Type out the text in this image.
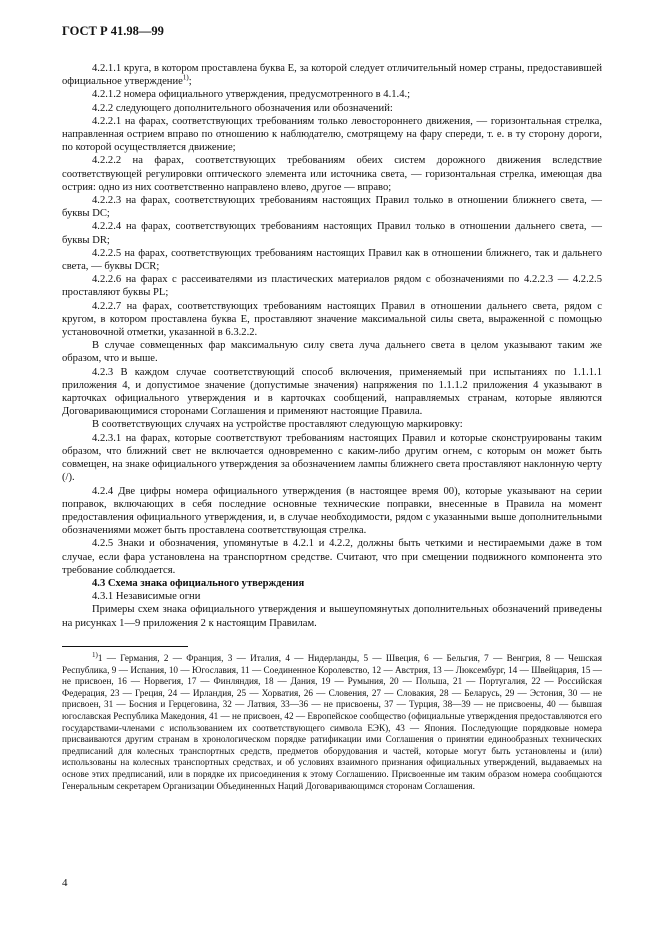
ГОСТ Р 41.98—99

4.2.1.1 круга, в котором проставлена буква Е, за которой следует отличительный номер страны, предоставившей официальное утверждение$^{1)}$;

4.2.1.2 номера официального утверждения, предусмотренного в 4.1.4.;

4.2.2 следующего дополнительного обозначения или обозначений:

4.2.2.1 на фарах, соответствующих требованиям только левостороннего движения, — горизонтальная стрелка, направленная острием вправо по отношению к наблюдателю, смотрящему на фару спереди, т. е. в ту сторону дороги, по которой осуществляется движение;

4.2.2.2 на фарах, соответствующих требованиям обеих систем дорожного движения вследствие соответствующей регулировки оптического элемента или источника света, — горизонтальная стрелка, имеющая два острия: одно из них соответственно направлено влево, другое — вправо;

4.2.2.3 на фарах, соответствующих требованиям настоящих Правил только в отношении ближнего света, — буквы DC;

4.2.2.4 на фарах, соответствующих требованиям настоящих Правил только в отношении дальнего света, — буквы DR;

4.2.2.5 на фарах, соответствующих требованиям настоящих Правил как в отношении ближнего, так и дальнего света, — буквы DCR;

4.2.2.6 на фарах с рассеивателями из пластических материалов рядом с обозначениями по 4.2.2.3 — 4.2.2.5 проставляют буквы PL;

4.2.2.7 на фарах, соответствующих требованиям настоящих Правил в отношении дальнего света, рядом с кругом, в котором проставлена буква Е, проставляют значение максимальной силы света, выраженной с помощью установочной отметки, указанной в 6.3.2.2.

В случае совмещенных фар максимальную силу света луча дальнего света в целом указывают таким же образом, что и выше.

4.2.3 В каждом случае соответствующий способ включения, применяемый при испытаниях по 1.1.1.1 приложения 4, и допустимое значение (допустимые значения) напряжения по 1.1.1.2 приложения 4 указывают в карточках официального утверждения и в карточках сообщений, направляемых странам, которые являются Договаривающимися сторонами Соглашения и применяют настоящие Правила.

В соответствующих случаях на устройстве проставляют следующую маркировку:

4.2.3.1 на фарах, которые соответствуют требованиям настоящих Правил и которые сконструированы таким образом, что ближний свет не включается одновременно с каким-либо другим огнем, с которым он может быть совмещен, на знаке официального утверждения за обозначением лампы ближнего света проставляют наклонную черту (/).

4.2.4 Две цифры номера официального утверждения (в настоящее время 00), которые указывают на серии поправок, включающих в себя последние основные технические поправки, внесенные в Правила на момент предоставления официального утверждения, и, в случае необходимости, рядом с указанными выше дополнительными обозначениями может быть проставлена соответствующая стрелка.

4.2.5 Знаки и обозначения, упомянутые в 4.2.1 и 4.2.2, должны быть четкими и нестираемыми даже в том случае, если фара установлена на транспортном средстве. Считают, что при смещении подвижного компонента это требование соблюдается.

4.3 Схема знака официального утверждения

4.3.1 Независимые огни

Примеры схем знака официального утверждения и вышеупомянутых дополнительных обозначений приведены на рисунках 1—9 приложения 2 к настоящим Правилам.

$^{1)}$1 — Германия, 2 — Франция, 3 — Италия, 4 — Нидерланды, 5 — Швеция, 6 — Бельгия, 7 — Венгрия, 8 — Чешская Республика, 9 — Испания, 10 — Югославия, 11 — Соединенное Королевство, 12 — Австрия, 13 — Люксембург, 14 — Швейцария, 15 — не присвоен, 16 — Норвегия, 17 — Финляндия, 18 — Дания, 19 — Румыния, 20 — Польша, 21 — Португалия, 22 — Российская Федерация, 23 — Греция, 24 — Ирландия, 25 — Хорватия, 26 — Словения, 27 — Словакия, 28 — Беларусь, 29 — Эстония, 30 — не присвоен, 31 — Босния и Герцеговина, 32 — Латвия, 33—36 — не присвоены, 37 — Турция, 38—39 — не присвоены, 40 — бывшая югославская Республика Македония, 41 — не присвоен, 42 — Европейское сообщество (официальные утверждения предоставляются его государствами-членами с использованием их соответствующего символа ЕЭК), 43 — Япония. Последующие порядковые номера присваиваются другим странам в хронологическом порядке ратификации ими Соглашения о принятии единообразных технических предписаний для колесных транспортных средств, предметов оборудования и частей, которые могут быть установлены и (или) использованы на колесных транспортных средствах, и об условиях взаимного признания официальных утверждений, выдаваемых на основе этих предписаний, или в порядке их присоединения к этому Соглашению. Присвоенные им таким образом номера сообщаются Генеральным секретарем Организации Объединенных Наций Договаривающимся сторонам Соглашения.
4
